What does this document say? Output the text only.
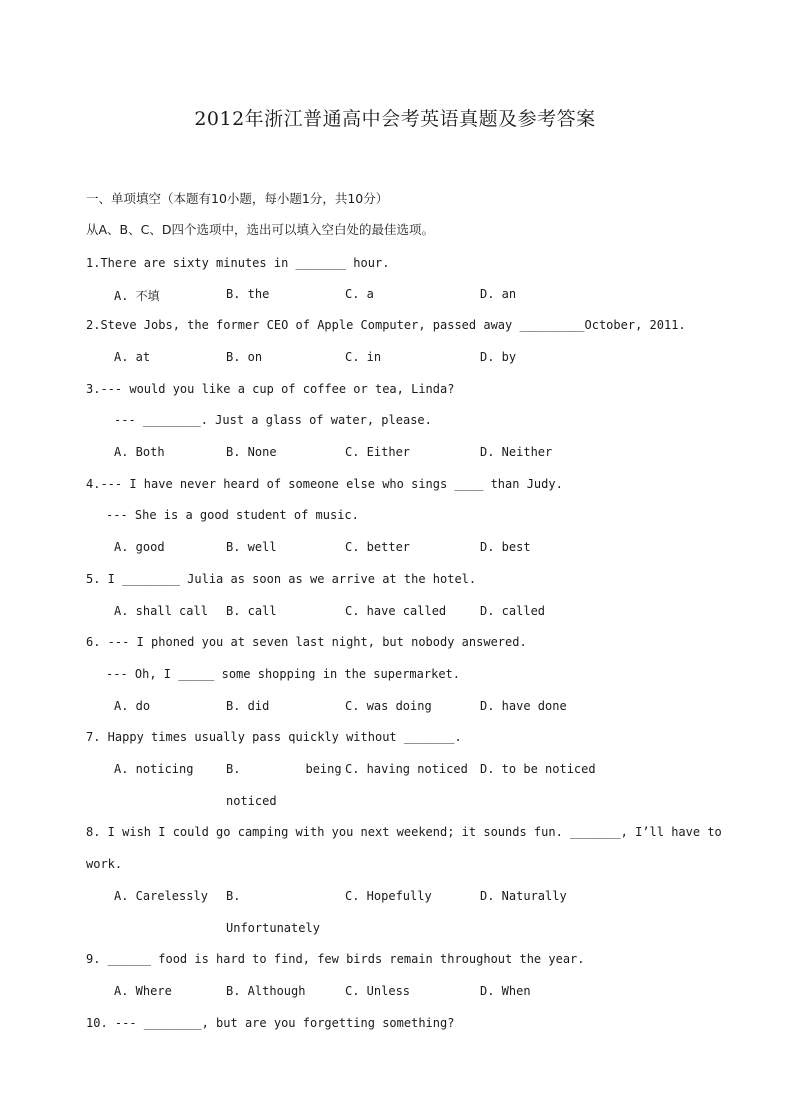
2012年浙江普通高中会考英语真题及参考答案
一、单项填空（本题有10小题，每小题1分，共10分）
从A、B、C、D四个选项中，选出可以填入空白处的最佳选项。
1.There are sixty minutes in _______ hour.
A. 不填	B. the	C. a	D. an
2.Steve Jobs, the former CEO of Apple Computer, passed away _________October, 2011.
A. at	B. on	C. in	D. by
3.--- would you like a cup of coffee or tea, Linda?
--- ________. Just a glass of water, please.
A. Both	B. None	C. Either	D. Neither
4.--- I have never heard of someone else who sings ____ than Judy.
--- She is a good student of music.
A. good	B. well	C. better	D. best
5. I ________ Julia as soon as we arrive at the hotel.
A. shall call B. call	C. have called	D. called
6. --- I phoned you at seven last night, but nobody answered.
--- Oh, I _____ some shopping in the supermarket.
A. do	B. did	C. was doing	D. have done
7. Happy times usually pass quickly without _______.
A. noticing	B.         being C. having noticed D. to be noticed
noticed
8. I wish I could go camping with you next weekend; it sounds fun. _______, I’ll have to
work.
A. Carelessly B.	C. Hopefully	D. Naturally
Unfortunately
9. ______ food is hard to find, few birds remain throughout the year.
A. Where	B. Although	C. Unless	D. When
10. --- ________, but are you forgetting something?
